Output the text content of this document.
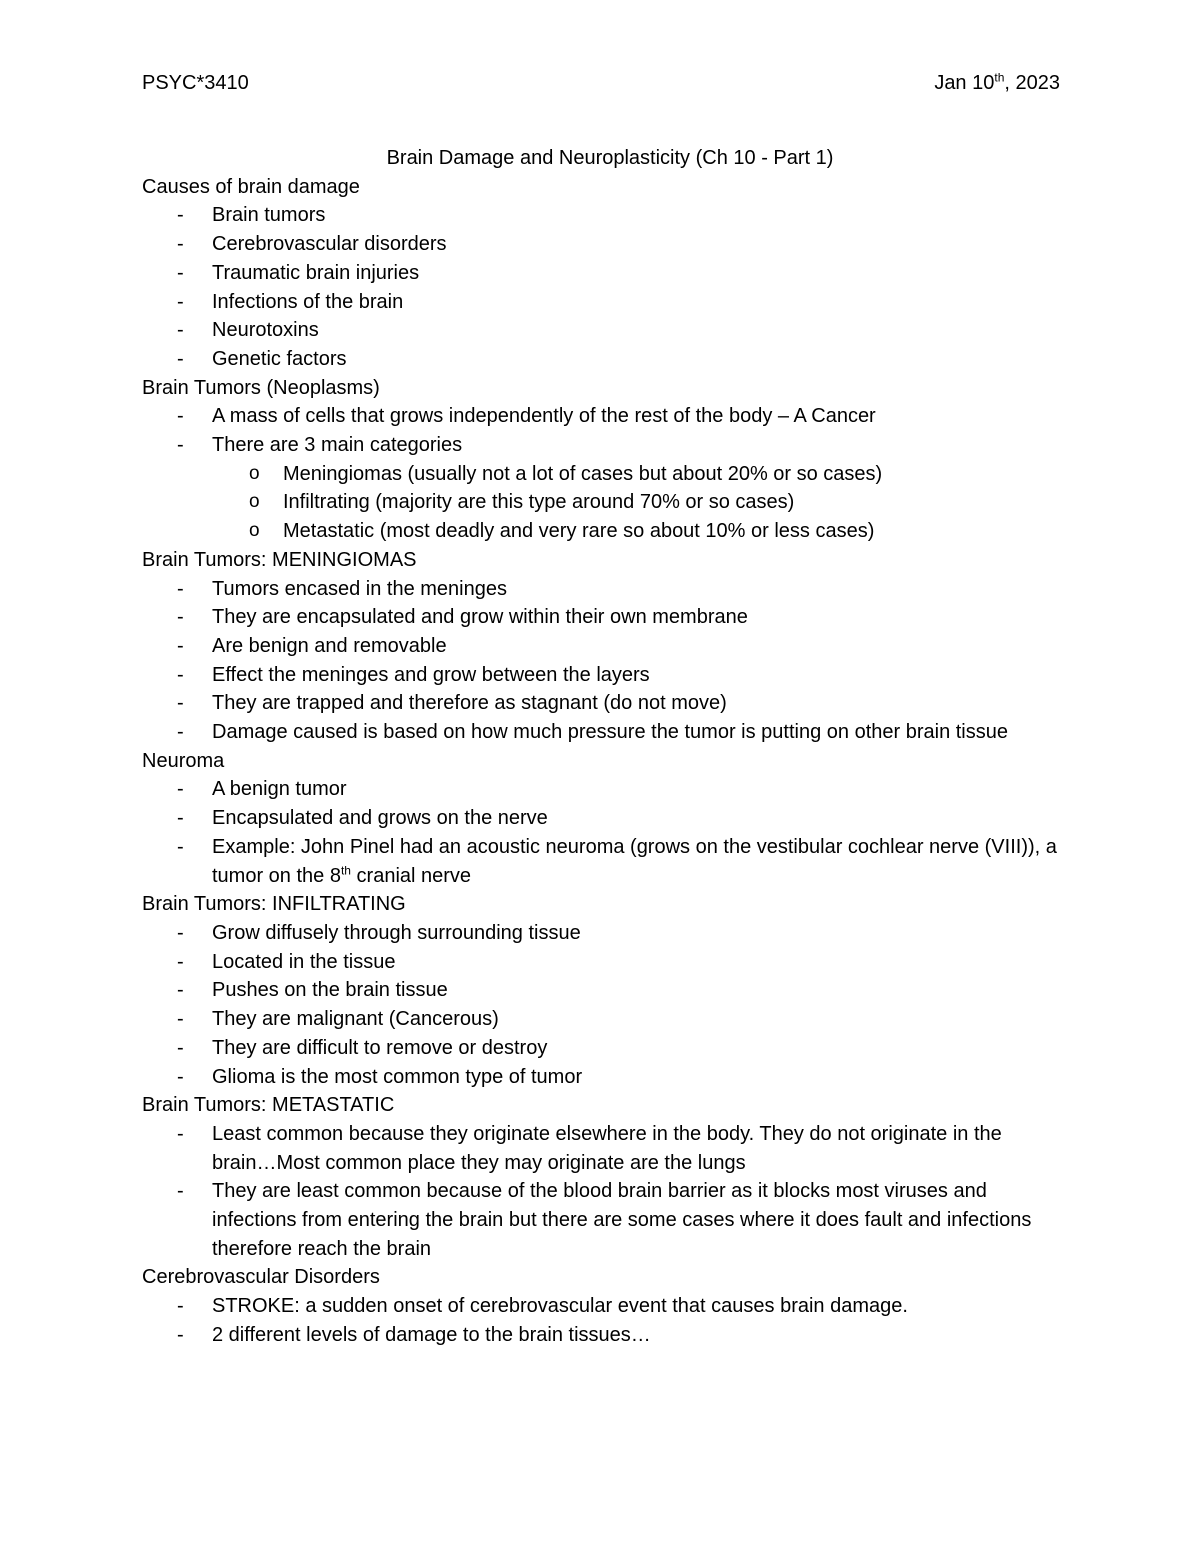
PSYC*3410	Jan 10th, 2023
Brain Damage and Neuroplasticity (Ch 10 - Part 1)
Causes of brain damage
- Brain tumors
- Cerebrovascular disorders
- Traumatic brain injuries
- Infections of the brain
- Neurotoxins
- Genetic factors
Brain Tumors (Neoplasms)
- A mass of cells that grows independently of the rest of the body – A Cancer
- There are 3 main categories
o Meningiomas (usually not a lot of cases but about 20% or so cases)
o Infiltrating (majority are this type around 70% or so cases)
o Metastatic (most deadly and very rare so about 10% or less cases)
Brain Tumors: MENINGIOMAS
- Tumors encased in the meninges
- They are encapsulated and grow within their own membrane
- Are benign and removable
- Effect the meninges and grow between the layers
- They are trapped and therefore as stagnant (do not move)
- Damage caused is based on how much pressure the tumor is putting on other brain tissue
Neuroma
- A benign tumor
- Encapsulated and grows on the nerve
- Example: John Pinel had an acoustic neuroma (grows on the vestibular cochlear nerve (VIII)), a tumor on the 8th cranial nerve
Brain Tumors: INFILTRATING
- Grow diffusely through surrounding tissue
- Located in the tissue
- Pushes on the brain tissue
- They are malignant (Cancerous)
- They are difficult to remove or destroy
- Glioma is the most common type of tumor
Brain Tumors: METASTATIC
- Least common because they originate elsewhere in the body. They do not originate in the brain…Most common place they may originate are the lungs
- They are least common because of the blood brain barrier as it blocks most viruses and infections from entering the brain but there are some cases where it does fault and infections therefore reach the brain
Cerebrovascular Disorders
- STROKE: a sudden onset of cerebrovascular event that causes brain damage.
- 2 different levels of damage to the brain tissues…
